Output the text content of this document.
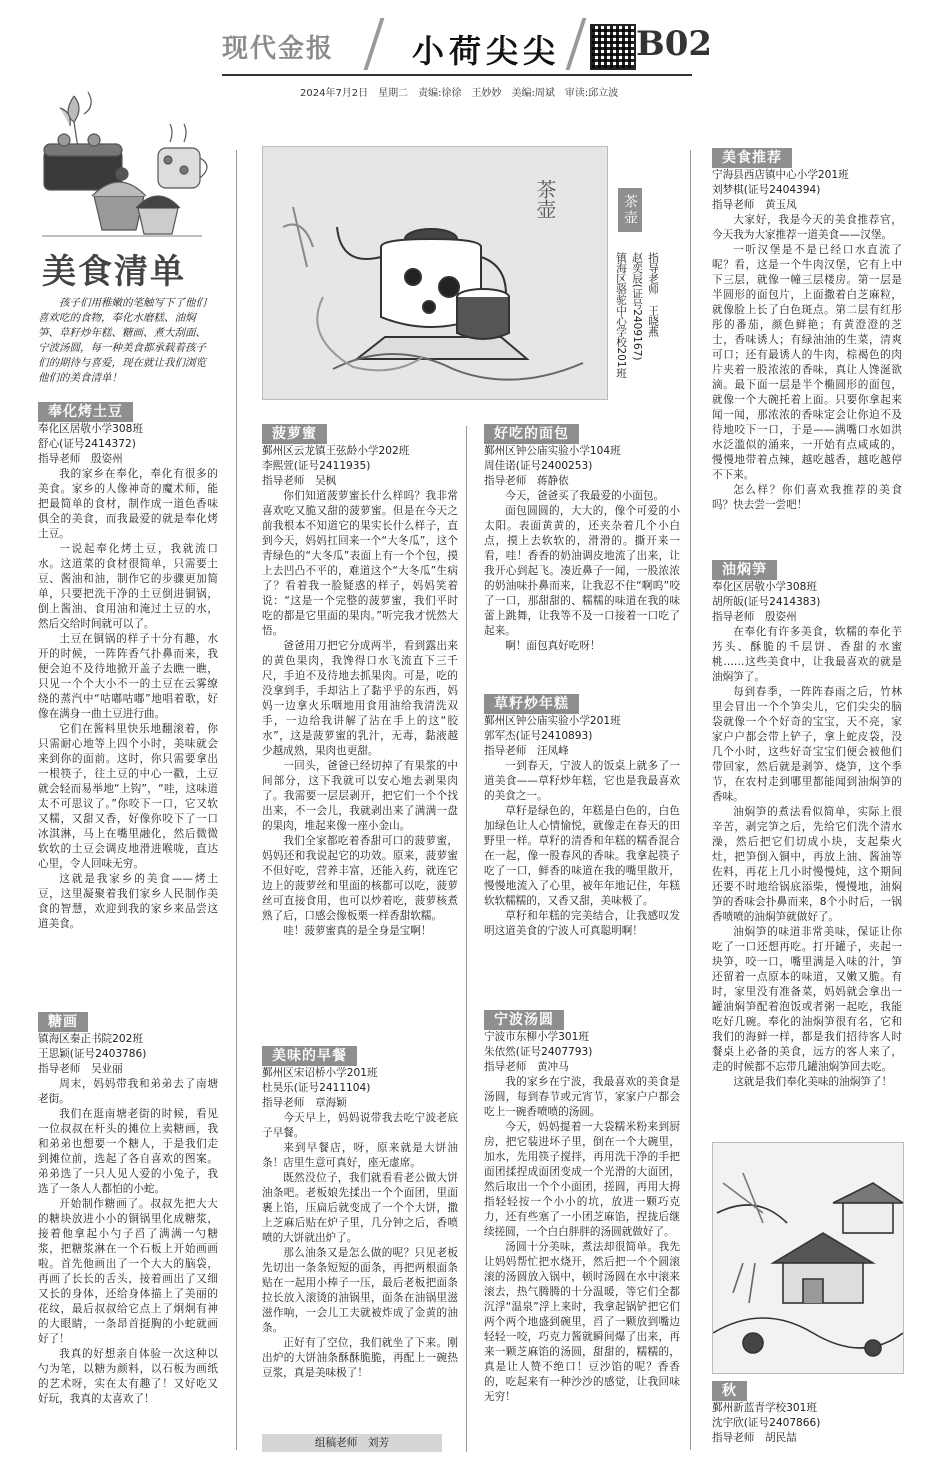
现代金报 小荷尖尖 B02
2024年7月2日　星期二　责编:徐徐　王妙妙　美编:周斌　审读:邱立波
美食清单
孩子们用稚嫩的笔触写下了他们喜欢吃的食物，奉化水磨糕、油焖笋、草籽炒年糕、糖画、煮大刮面、宁波汤圆，每一种美食都承载着孩子们的期待与喜爱，现在就让我们浏览他们的美食清单！
奉化烤土豆
奉化区居敬小学308班
舒心(证号2414372)
指导老师　殷姿州

我的家乡在奉化，奉化有很多的美食。家乡的人像神奇的魔术师，能把最简单的食材，制作成一道色香味俱全的美食，而我最爱的就是奉化烤土豆。

一说起奉化烤土豆，我就流口水。这道菜的食材很简单，只需要土豆、酱油和油，制作它的步骤更加简单，只要把洗干净的土豆倒进铜锅，倒上酱油、食用油和淹过土豆的水，然后交给时间就可以了。

土豆在铜锅的样子十分有趣，水开的时候，一阵阵香气扑鼻而来，我便会迫不及待地掀开盖子去瞧一瞧，只见一个个大小不一的土豆在云雾缭绕的蒸汽中“咕嘟咕嘟”地唱着歌，好像在满身一曲土豆进行曲。

它们在酱料里快乐地翻滚着，你只需耐心地等上四个小时，美味就会来到你的面前。这时，你只需要拿出一根筷子，往土豆的中心一戳，土豆就会轻而易举地“上钩”，“哇，这味道太不可思议了。”你咬下一口，它又软又糯，又甜又香，好像你咬下了一口冰淇淋，马上在嘴里融化，然后微微软软的土豆会调皮地滑进喉咙，直达心里，令人回味无穷。

这就是我家乡的美食——烤土豆，这里凝聚着我们家乡人民制作美食的智慧，欢迎到我的家乡来品尝这道美食。

糖画
镇海区秦正书院202班
王思颖(证号2403786)
指导老师　吴业丽

周末，妈妈带我和弟弟去了南塘老街。

我们在逛南塘老街的时候，看见一位叔叔在杆头的摊位上卖糖画，我和弟弟也想要一个糖人，于是我们走到摊位前，选起了各自喜欢的图案。弟弟选了一只人见人爱的小兔子，我选了一条人人都怕的小蛇。

开始制作糖画了。叔叔先把大大的糖块放进小小的铜锅里化成糖浆，接着他拿起小勺子舀了满满一勺糖浆，把糖浆淋在一个石板上开始画画啦。首先他画出了一个大大的脑袋，再画了长长的舌头，接着画出了又细又长的身体，还给身体描上了美丽的花纹，最后叔叔给它点上了炯炯有神的大眼睛，一条昂首挺胸的小蛇就画好了！

我真的好想亲自体验一次这种以勺为笔，以糖为颜料，以石板为画纸的艺术呀，实在太有趣了！又好吃又好玩，我真的太喜欢了！

茶壶	茶壶
镇海区骆驼中心学校201班 赵奕辰(证号2409167) 指导老师　王晓燕
菠萝蜜
鄞州区云龙镇王弦龄小学202班
李熙萱(证号2411935)
指导老师　吴枫

你们知道菠萝蜜长什么样吗？我非常喜欢吃又脆又甜的菠萝蜜。但是在今天之前我根本不知道它的果实长什么样子，直到今天，妈妈扛回来一个“大冬瓜”，这个青绿色的“大冬瓜”表面上有一个个包，摸上去凹凸不平的，难道这个“大冬瓜”生病了？看着我一脸疑惑的样子，妈妈笑着说：“这是一个完整的菠萝蜜，我们平时吃的都是它里面的果肉。”听完我才恍然大悟。

爸爸用刀把它分成两半，看到露出来的黄色果肉，我馋得口水飞流直下三千尺，手迫不及待地去抓果肉。可是，吃的没拿到手，手却沾上了黏乎乎的东西，妈妈一边拿火乐咽地用食用油给我清洗双手，一边给我讲解了沾在手上的这“胶水”，这是菠萝蜜的乳汁，无毒，黏液越少越成熟，果肉也更甜。

一回头，爸爸已经切掉了有果浆的中间部分，这下我就可以安心地去剥果肉了。我需要一层层剥开，把它们一个个找出来，不一会儿，我就剥出来了满满一盘的果肉，堆起来像一座小金山。

我们全家都吃着香甜可口的菠萝蜜，妈妈还和我说起它的功效。原来，菠萝蜜不但好吃，营养丰富，还能入药，就连它边上的菠萝丝和里面的核都可以吃，菠萝丝可直接食用，也可以炒着吃，菠萝核煮熟了后，口感会像板栗一样香甜软糯。

哇！菠萝蜜真的是全身是宝啊！

美味的早餐
鄞州区宋诏桥小学201班
杜昊乐(证号2411104)
指导老师　章海颖

今天早上，妈妈说带我去吃宁波老底子早餐。

来到早餐店，呀，原来就是大饼油条！店里生意可真好，座无虚席。

既然没位子，我们就看看老公做大饼油条吧。老板娘先揉出一个个面团，里面裹上馅，压扁后就变成了一个个大饼，撒上芝麻后贴在炉子里，几分钟之后，香喷喷的大饼就出炉了。

那么油条又是怎么做的呢？只见老板先切出一条条短短的面条，再把两根面条贴在一起用小棒子一压，最后老板把面条拉长放入滚烫的油锅里，面条在油锅里滋滋作响，一会儿工夫就被炸成了金黄的油条。

正好有了空位，我们就坐了下来。刚出炉的大饼油条酥酥脆脆，再配上一碗热豆浆，真是美味极了！

组稿老师　刘芳
好吃的面包
鄞州区钟公庙实验小学104班
周佳诺(证号2400253)
指导老师　蒋静依

今天，爸爸买了我最爱的小面包。

面包圆圆的，大大的，像个可爱的小太阳。表面黄黄的，还夹杂着几个小白点，摸上去软软的，滑滑的。撕开来一看，哇！香香的奶油调皮地流了出来，让我开心到起飞。凑近鼻子一闻，一股浓浓的奶油味扑鼻而来，让我忍不住“啊呜”咬了一口，那甜甜的、糯糯的味道在我的味蕾上跳舞，让我等不及一口接着一口吃了起来。

啊！面包真好吃呀！

草籽炒年糕
鄞州区钟公庙实验小学201班
郭军杰(证号2410893)
指导老师　汪凤峰

一到春天，宁波人的饭桌上就多了一道美食——草籽炒年糕，它也是我最喜欢的美食之一。

草籽是绿色的，年糕是白色的，白色加绿色让人心情愉悦，就像走在春天的田野里一样。草籽的清香和年糕的糯香混合在一起，像一股春风的香味。我拿起筷子吃了一口，鲜香的味道在我的嘴里散开，慢慢地流入了心里，被年年地记住，年糕软软糯糯的，又香又甜，美味极了。

草籽和年糕的完美结合，让我感叹发明这道美食的宁波人可真聪明啊！

宁波汤圆
宁波市东柳小学301班
朱依然(证号2407793)
指导老师　黄冲马

我的家乡在宁波，我最喜欢的美食是汤圆，每到春节或元宵节，家家户户都会吃上一碗香喷喷的汤圆。

今天，妈妈提着一大袋糯米粉来到厨房，把它装进坏子里，倒在一个大碗里，加水，先用筷子搅拌，再用洗干净的手把面团揉捏成面团变成一个光滑的大面团，然后取出一个个小面团，搓圆，再用大拇指轻轻按一个小小的坑，放进一颗巧克力，还有些塞了一小团芝麻馅，捏拢后继续搓圆，一个白白胖胖的汤圆就做好了。

汤圆十分美味，煮法却很简单。我先让妈妈帮忙把水烧开，然后把一个个圆滚滚的汤圆放入锅中，顿时汤圆在水中滚来滚去，热气腾腾的十分温暖，等它们全都沉浮“温泉”浮上来时，我拿起锅铲把它们两个两个地盛到碗里，舀了一颗放到嘴边轻轻一咬，巧克力酱就瞬间爆了出来，再来一颗芝麻馅的汤圆，甜甜的，糯糯的，真是让人赞不绝口！豆沙馅的呢？香香的，吃起来有一种沙沙的感觉，让我回味无穷！

美食推荐
宁海县西店镇中心小学201班
刘梦棋(证号2404394)
指导老师　黄玉凤

大家好，我是今天的美食推荐官，今天我为大家推荐一道美食——汉堡。

一听汉堡是不是已经口水直流了呢？看，这是一个牛肉汉堡，它有上中下三层，就像一幢三层楼房。第一层是半圆形的面包片，上面撒着白芝麻粒，就像脸上长了白色斑点。第二层有红彤彤的番茄，颜色鲜艳；有黄澄澄的芝士，香味诱人；有绿油油的生菜，清爽可口；还有最诱人的牛肉，棕褐色的肉片夹着一股浓浓的香味，真让人馋涎欲滴。最下面一层是半个椭圆形的面包，就像一个大碗托着上面。只要你拿起来闻一闻，那浓浓的香味定会让你迫不及待地咬下一口，于是——满嘴口水如洪水泛滥似的涌来，一开始有点咸咸的，慢慢地带着点辣，越吃越香，越吃越停不下来。

怎么样？你们喜欢我推荐的美食吗？快去尝一尝吧！

油焖笋
奉化区居敬小学308班
胡所皈(证号2414383)
指导老师　殷姿州

在奉化有许多美食，软糯的奉化芋艿头、酥脆的千层饼、香甜的水蜜桃……这些美食中，让我最喜欢的就是油焖笋了。

每到春季，一阵阵春雨之后，竹林里会冒出一个个笋尖儿，它们尖尖的脑袋就像一个个好奇的宝宝，天不亮，家家户户都会带上铲子，拿上蛇皮袋，没几个小时，这些好奇宝宝们便会被他们带回家，然后就是剥笋、烧笋，这个季节，在农村走到哪里都能闻到油焖笋的香味。

油焖笋的煮法看似简单，实际上很辛苦，剥完笋之后，先给它们洗个清水澡，然后把它们切成小块，支起柴火灶，把笋倒入铜中，再放上油、酱油等佐料，再花上几小时慢慢炖，这个期间还要不时地给锅底添柴，慢慢地，油焖笋的香味会扑鼻而来，8个小时后，一锅香喷喷的油焖笋就做好了。

油焖笋的味道非常美味，保证让你吃了一口还想再吃。打开罐子，夹起一块笋，咬一口，嘴里满是入味的汁，笋还留着一点原本的味道，又嫩又脆。有时，家里没有准备菜，妈妈就会拿出一罐油焖笋配着泡饭或者粥一起吃，我能吃好几碗。奉化的油焖笋很有名，它和我们的海鲜一样，都是我们招待客人时餐桌上必备的美食，远方的客人来了，走的时候都不忘带几罐油焖笋回去吃。

这就是我们奉化美味的油焖笋了！

秋
鄞州新蓝青学校301班
沈宇欣(证号2407866)
指导老师　胡民喆
